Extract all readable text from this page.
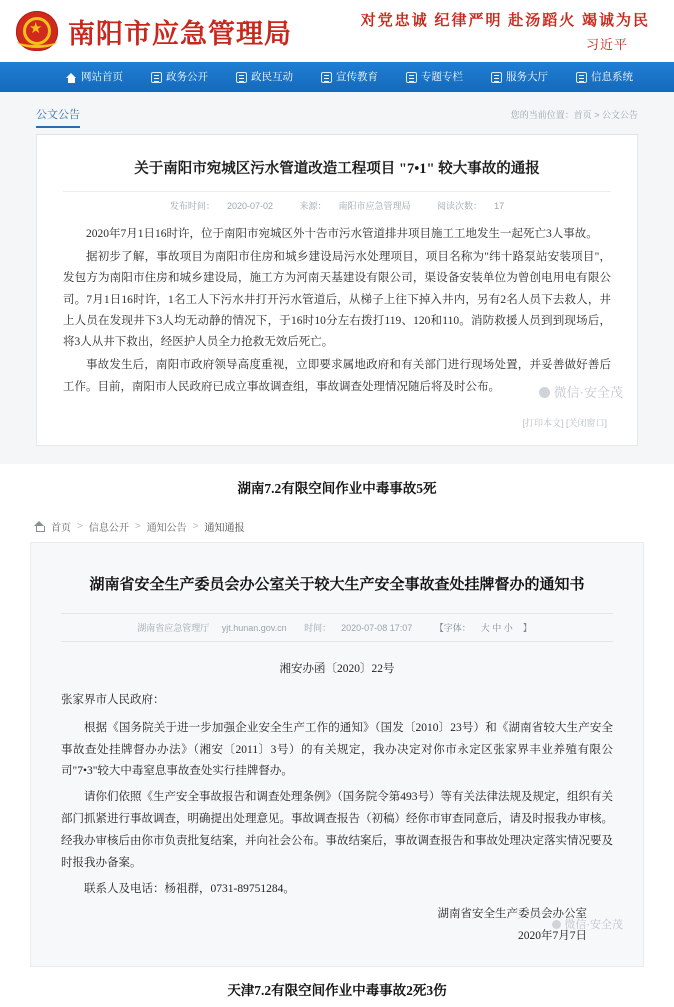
★ 南阳市应急管理局	对党忠诚 纪律严明 赴汤蹈火 竭诚为民
习近平
网站首页	政务公开	政民互动	宣传教育	专题专栏	服务大厅	信息系统
公文公告	您的当前位置：首页 > 公文公告
关于南阳市宛城区污水管道改造工程项目 "7•1" 较大事故的通报
发布时间： 2020-07-02	来源： 南阳市应急管理局	阅读次数： 17

2020年7月1日16时许，位于南阳市宛城区外十告市污水管道排井项目施工工地发生一起死亡3人事故。

据初步了解，事故项目为南阳市住房和城乡建设局污水处理项目，项目名称为"纬十路泵站安装项目"，发包方为南阳市住房和城乡建设局，施工方为河南天基建设有限公司，渠设备安装单位为曾创电用电有限公司。7月1日16时许，1名工人下污水井打开污水管道后，从梯子上往下掉入井内，另有2名人员下去救人，井上人员在发现井下3人均无动静的情况下，于16时10分左右拨打119、120和110。消防救援人员到到现场后，将3人从井下救出，经医护人员全力抢救无效后死亡。

事故发生后，南阳市政府领导高度重视，立即要求属地政府和有关部门进行现场处置，并妥善做好善后工作。目前，南阳市人民政府已成立事故调查组，事故调查处理情况随后将及时公布。	微信·安全茂
[打印本文] [关闭窗口]
湖南7.2有限空间作业中毒事故5死
首页 > 信息公开 > 通知公告 > 通知通报
湖南省安全生产委员会办公室关于较大生产安全事故查处挂牌督办的通知书
湖南省应急管理厅 yjt.hunan.gov.cn 时间： 2020-07-08 17:07	【字体： 大 中 小 】
湘安办函〔2020〕22号

张家界市人民政府：

根据《国务院关于进一步加强企业安全生产工作的通知》（国发〔2010〕23号）和《湖南省较大生产安全事故查处挂牌督办办法》（湘安〔2011〕3号）的有关规定，我办决定对你市永定区张家界丰业养殖有限公司"7•3"较大中毒窒息事故查处实行挂牌督办。

请你们依照《生产安全事故报告和调查处理条例》（国务院令第493号）等有关法律法规及规定，组织有关部门抓紧进行事故调查，明确提出处理意见。事故调查报告（初稿）经你市审查同意后，请及时报我办审核。经我办审核后由你市负责批复结案，并向社会公布。事故结案后，事故调查报告和事故处理决定落实情况要及时报我办备案。

联系人及电话：杨祖群，0731-89751284。

湖南省安全生产委员会办公室
2020年7月7日
微信·安全茂
天津7.2有限空间作业中毒事故2死3伤
